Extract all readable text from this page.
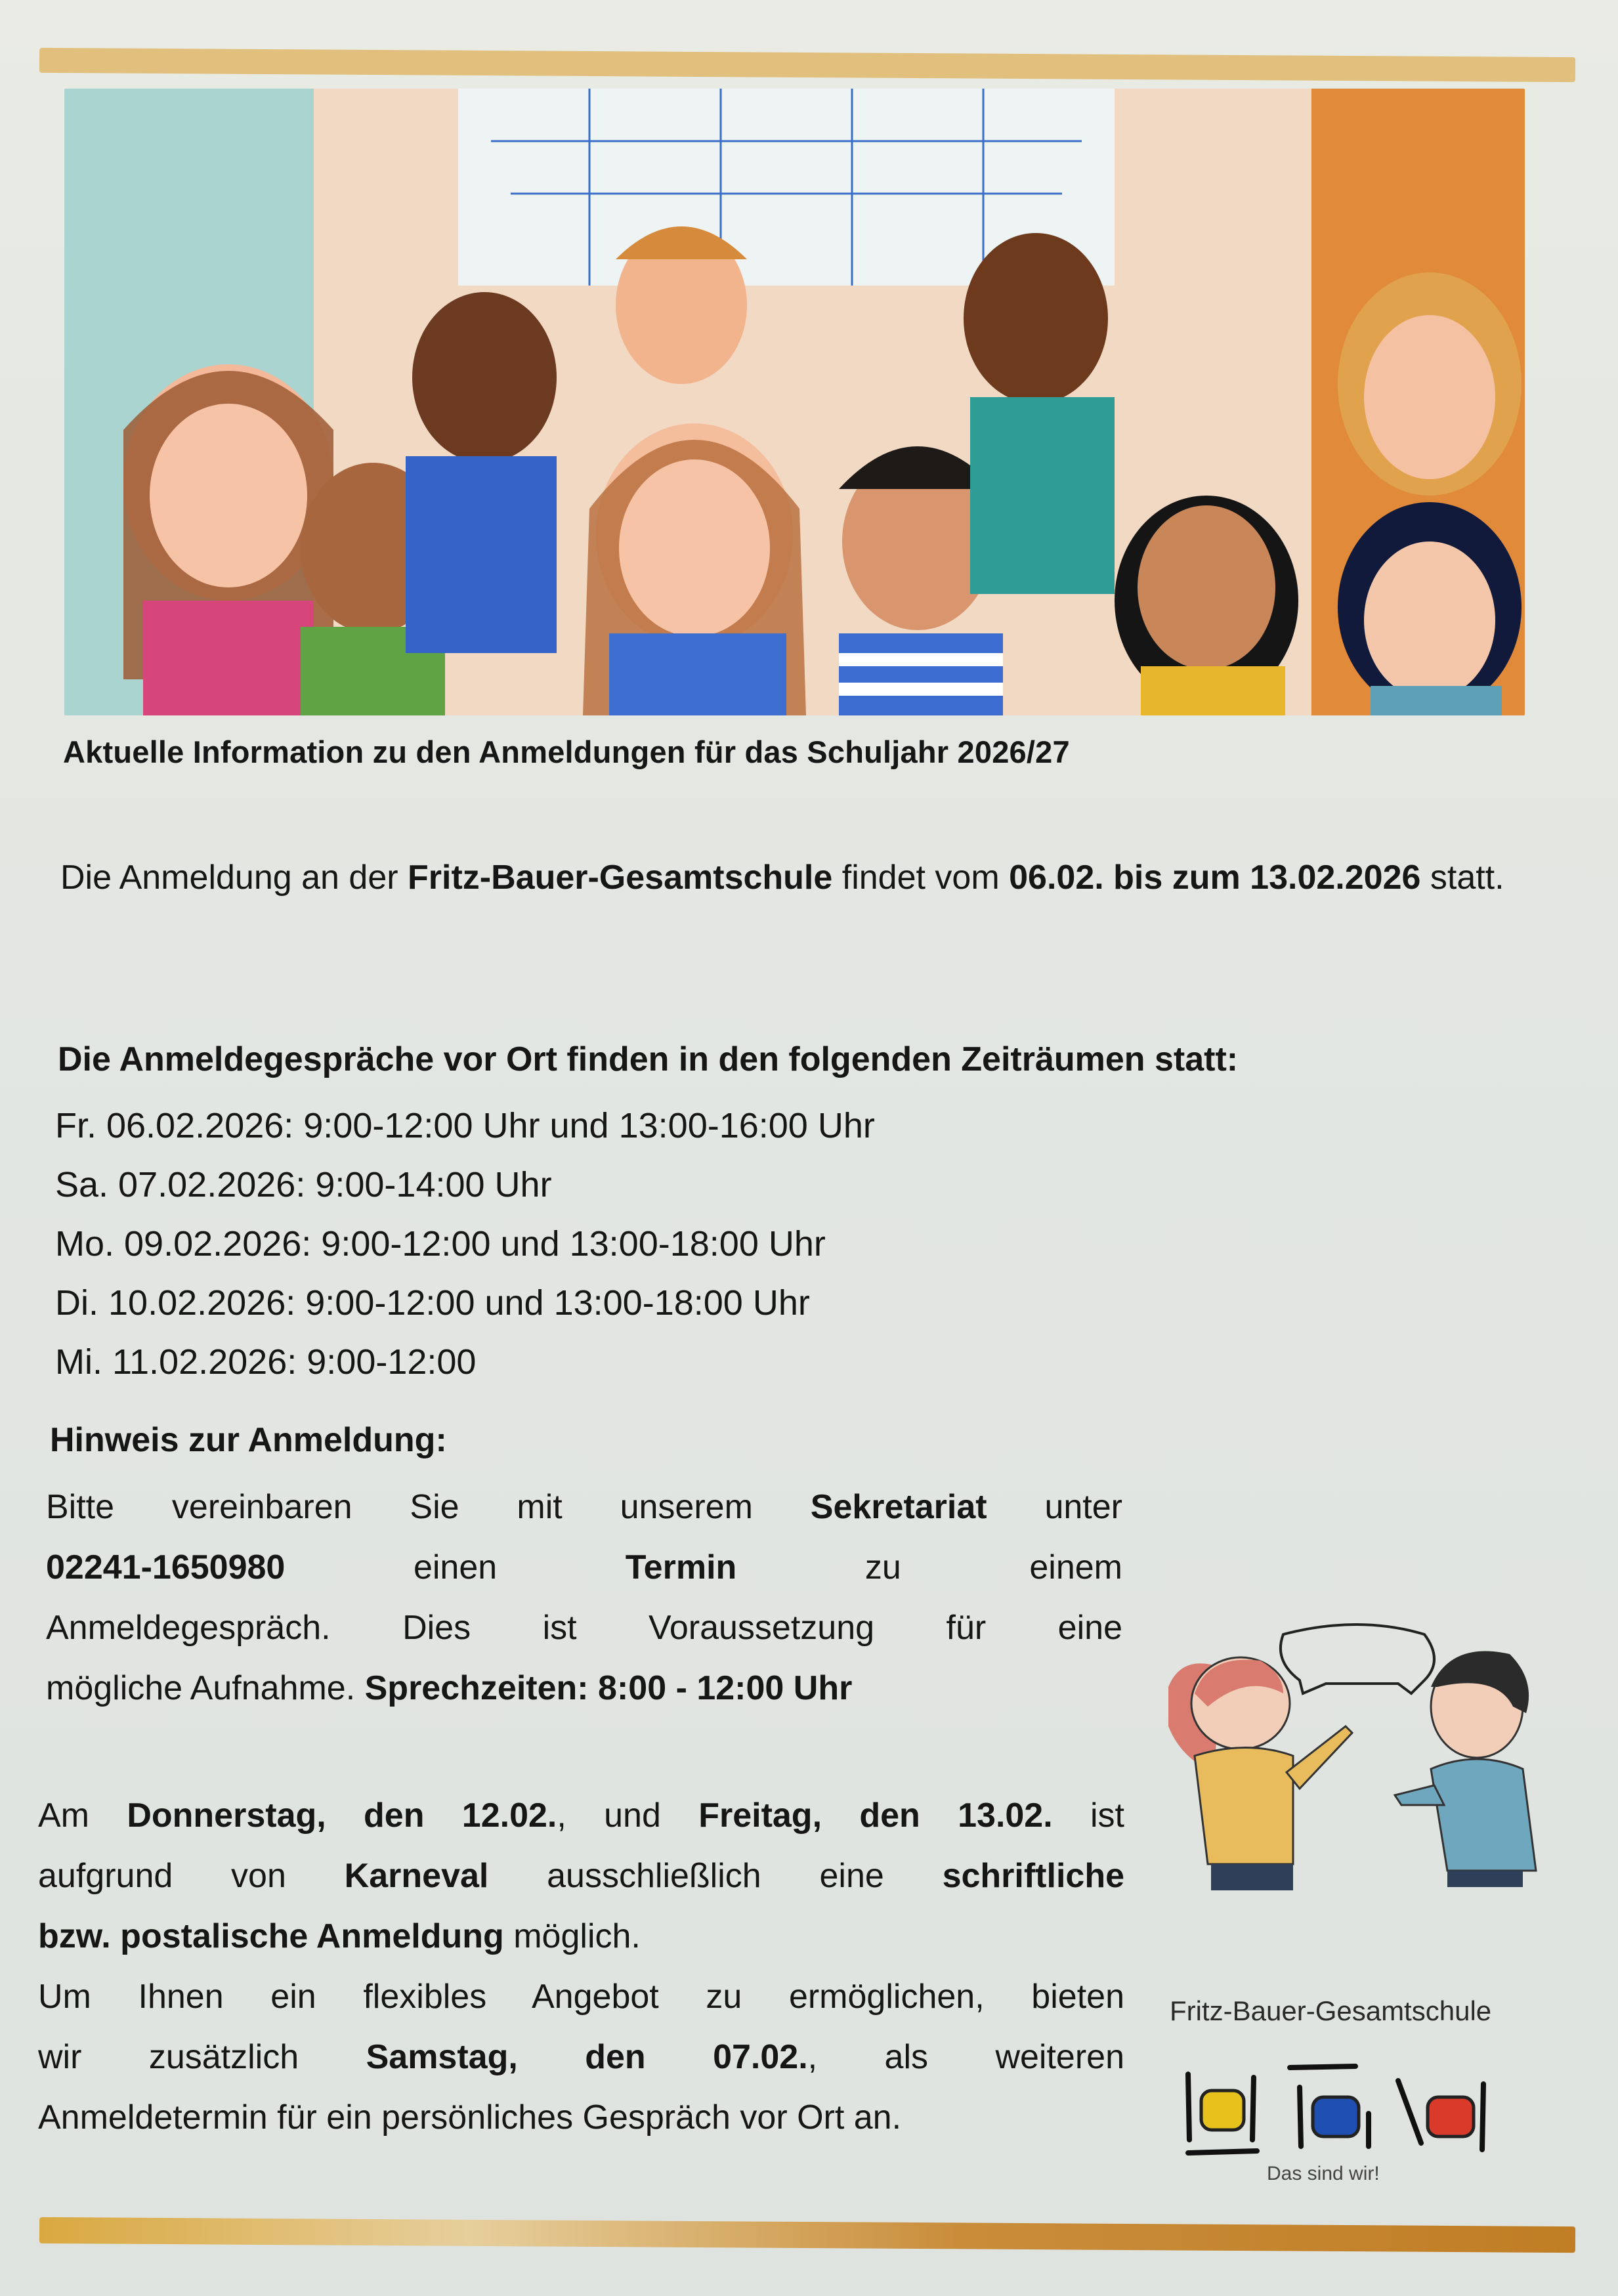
Aktuelle Information zu den Anmeldungen für das Schuljahr 2026/27
Die Anmeldung an der Fritz-Bauer-Gesamtschule findet vom 06.02. bis zum 13.02.2026 statt.
Die Anmeldegespräche vor Ort finden in den folgenden Zeiträumen statt:
Fr. 06.02.2026: 9:00-12:00 Uhr und 13:00-16:00 Uhr
Sa. 07.02.2026: 9:00-14:00 Uhr
Mo. 09.02.2026: 9:00-12:00 und 13:00-18:00 Uhr
Di. 10.02.2026: 9:00-12:00 und 13:00-18:00 Uhr
Mi. 11.02.2026: 9:00-12:00
Hinweis zur Anmeldung:
Bitte vereinbaren Sie mit unserem Sekretariat unter
02241-1650980 einen Termin zu einem
Anmeldegespräch. Dies ist Voraussetzung für eine
mögliche Aufnahme. Sprechzeiten: 8:00 - 12:00 Uhr
Am Donnerstag, den 12.02., und Freitag, den 13.02. ist
aufgrund von Karneval ausschließlich eine schriftliche
bzw. postalische Anmeldung möglich.
Um Ihnen ein flexibles Angebot zu ermöglichen, bieten
wir zusätzlich Samstag, den 07.02., als weiteren
Anmeldetermin für ein persönliches Gespräch vor Ort an.
Fritz-Bauer-Gesamtschule
Das sind wir!
